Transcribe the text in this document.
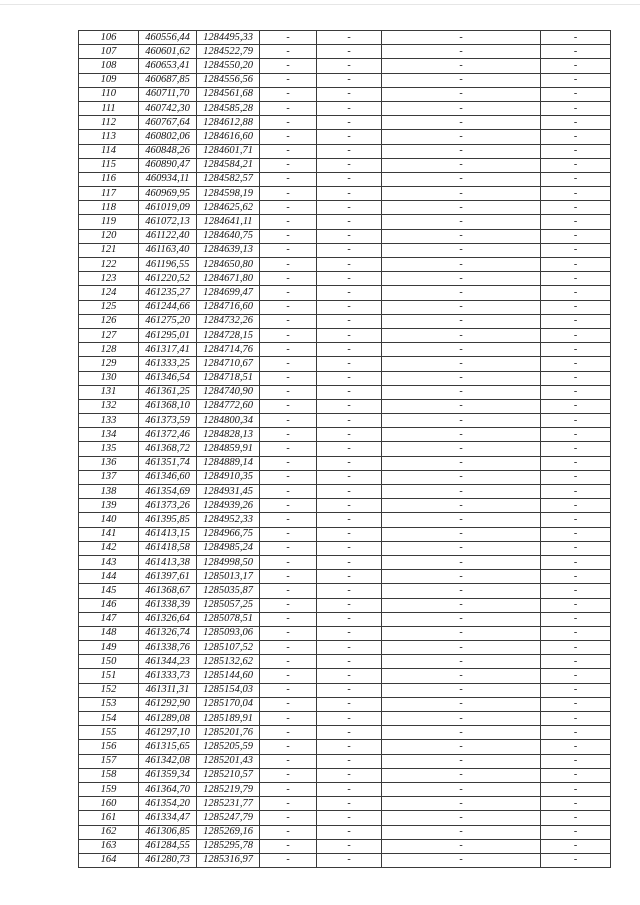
106	460556,44	1284495,33	-	-	-	-
107	460601,62	1284522,79	-	-	-	-
108	460653,41	1284550,20	-	-	-	-
109	460687,85	1284556,56	-	-	-	-
110	460711,70	1284561,68	-	-	-	-
111	460742,30	1284585,28	-	-	-	-
112	460767,64	1284612,88	-	-	-	-
113	460802,06	1284616,60	-	-	-	-
114	460848,26	1284601,71	-	-	-	-
115	460890,47	1284584,21	-	-	-	-
116	460934,11	1284582,57	-	-	-	-
117	460969,95	1284598,19	-	-	-	-
118	461019,09	1284625,62	-	-	-	-
119	461072,13	1284641,11	-	-	-	-
120	461122,40	1284640,75	-	-	-	-
121	461163,40	1284639,13	-	-	-	-
122	461196,55	1284650,80	-	-	-	-
123	461220,52	1284671,80	-	-	-	-
124	461235,27	1284699,47	-	-	-	-
125	461244,66	1284716,60	-	-	-	-
126	461275,20	1284732,26	-	-	-	-
127	461295,01	1284728,15	-	-	-	-
128	461317,41	1284714,76	-	-	-	-
129	461333,25	1284710,67	-	-	-	-
130	461346,54	1284718,51	-	-	-	-
131	461361,25	1284740,90	-	-	-	-
132	461368,10	1284772,60	-	-	-	-
133	461373,59	1284800,34	-	-	-	-
134	461372,46	1284828,13	-	-	-	-
135	461368,72	1284859,91	-	-	-	-
136	461351,74	1284889,14	-	-	-	-
137	461346,60	1284910,35	-	-	-	-
138	461354,69	1284931,45	-	-	-	-
139	461373,26	1284939,26	-	-	-	-
140	461395,85	1284952,33	-	-	-	-
141	461413,15	1284966,75	-	-	-	-
142	461418,58	1284985,24	-	-	-	-
143	461413,38	1284998,50	-	-	-	-
144	461397,61	1285013,17	-	-	-	-
145	461368,67	1285035,87	-	-	-	-
146	461338,39	1285057,25	-	-	-	-
147	461326,64	1285078,51	-	-	-	-
148	461326,74	1285093,06	-	-	-	-
149	461338,76	1285107,52	-	-	-	-
150	461344,23	1285132,62	-	-	-	-
151	461333,73	1285144,60	-	-	-	-
152	461311,31	1285154,03	-	-	-	-
153	461292,90	1285170,04	-	-	-	-
154	461289,08	1285189,91	-	-	-	-
155	461297,10	1285201,76	-	-	-	-
156	461315,65	1285205,59	-	-	-	-
157	461342,08	1285201,43	-	-	-	-
158	461359,34	1285210,57	-	-	-	-
159	461364,70	1285219,79	-	-	-	-
160	461354,20	1285231,77	-	-	-	-
161	461334,47	1285247,79	-	-	-	-
162	461306,85	1285269,16	-	-	-	-
163	461284,55	1285295,78	-	-	-	-
164	461280,73	1285316,97	-	-	-	-
